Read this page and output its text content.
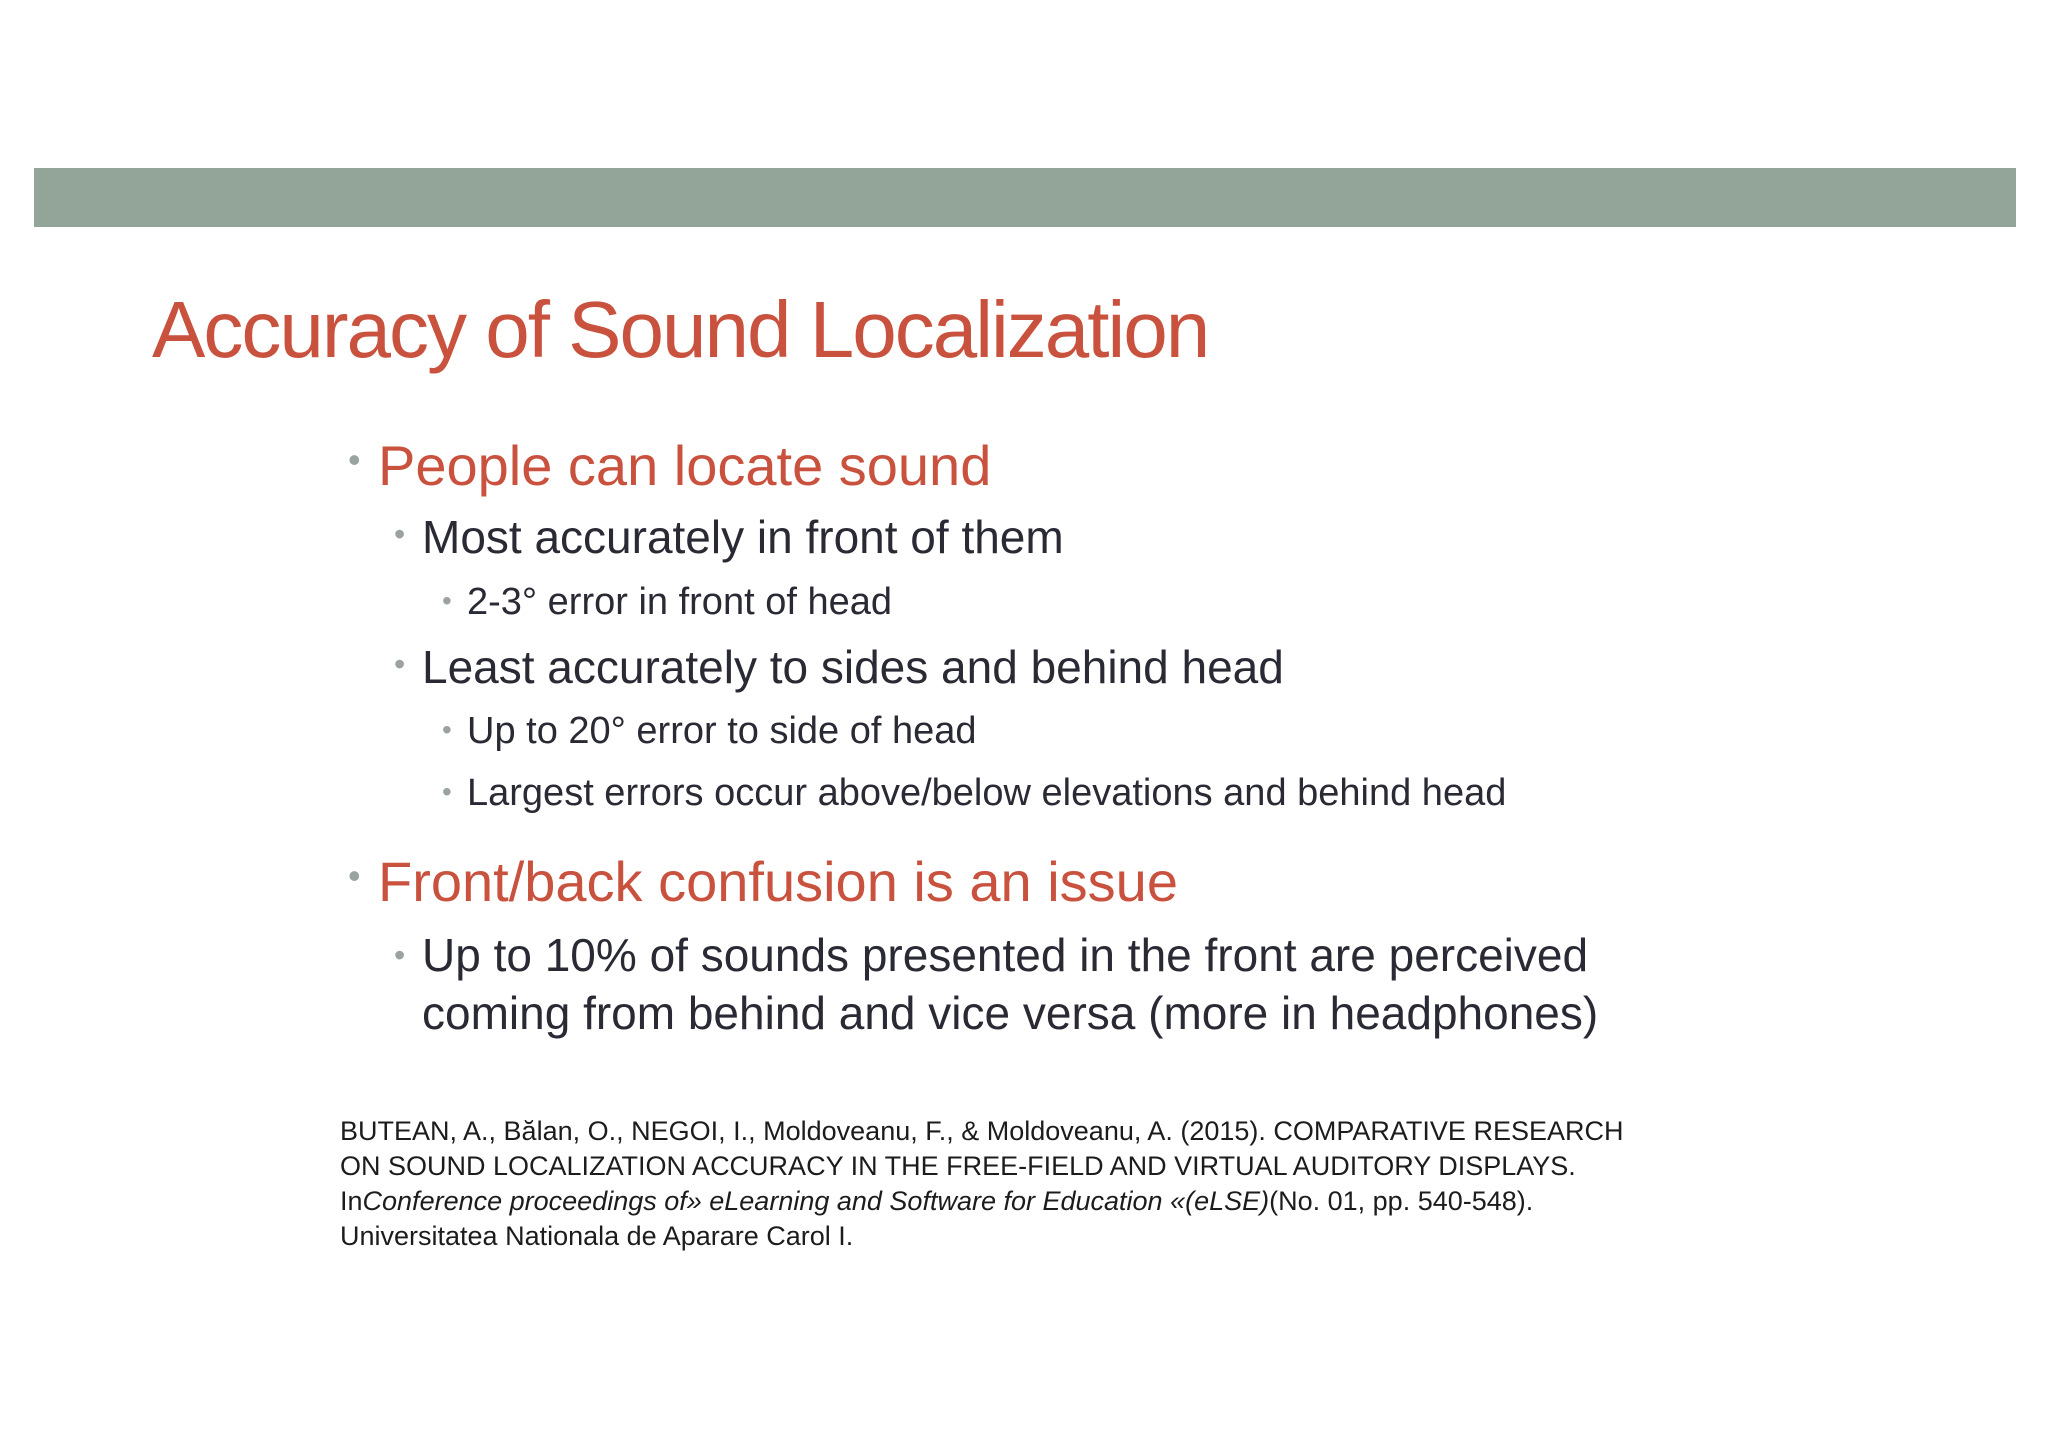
Accuracy of Sound Localization
• People can locate sound
• Most accurately in front of them
• 2-3° error in front of head
• Least accurately to sides and behind head
• Up to 20° error to side of head
• Largest errors occur above/below elevations and behind head
• Front/back confusion is an issue
• Up to 10% of sounds presented in the front are perceived
coming from behind and vice versa (more in headphones)
BUTEAN, A., Bălan, O., NEGOI, I., Moldoveanu, F., & Moldoveanu, A. (2015). COMPARATIVE RESEARCH
ON SOUND LOCALIZATION ACCURACY IN THE FREE-FIELD AND VIRTUAL AUDITORY DISPLAYS.
InConference proceedings of» eLearning and Software for Education «(eLSE)(No. 01, pp. 540-548).
Universitatea Nationala de Aparare Carol I.
